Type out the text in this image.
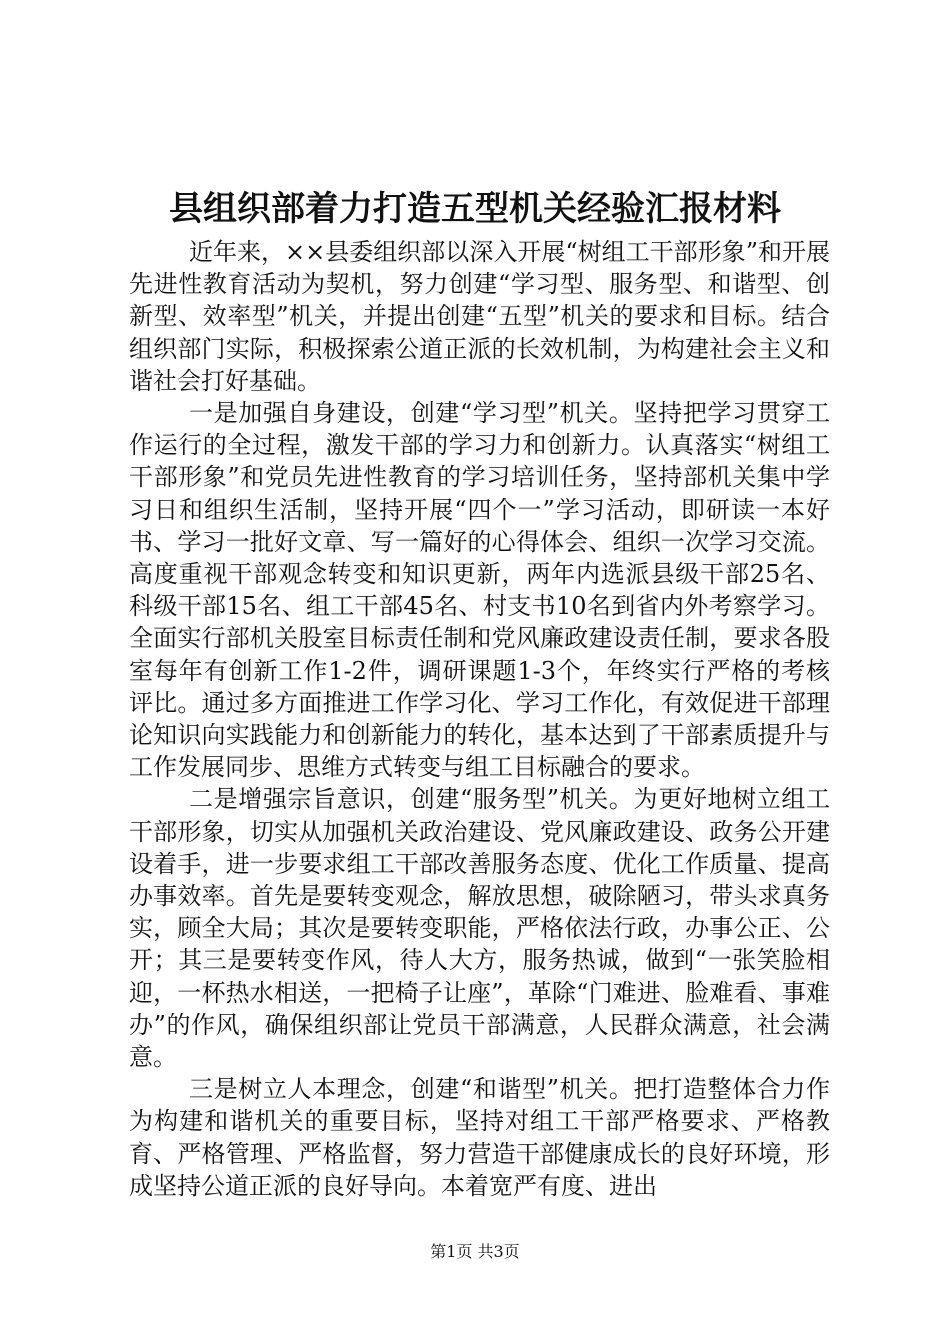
县组织部着力打造五型机关经验汇报材料

近年来，××县委组织部以深入开展“树组工干部形象”和开展先进性教育活动为契机，努力创建“学习型、服务型、和谐型、创新型、效率型”机关，并提出创建“五型”机关的要求和目标。结合组织部门实际，积极探索公道正派的长效机制，为构建社会主义和谐社会打好基础。

一是加强自身建设，创建“学习型”机关。坚持把学习贯穿工作运行的全过程，激发干部的学习力和创新力。认真落实“树组工干部形象”和党员先进性教育的学习培训任务，坚持部机关集中学习日和组织生活制，坚持开展“四个一”学习活动，即研读一本好书、学习一批好文章、写一篇好的心得体会、组织一次学习交流。高度重视干部观念转变和知识更新，两年内选派县级干部25名、科级干部15名、组工干部45名、村支书10名到省内外考察学习。全面实行部机关股室目标责任制和党风廉政建设责任制，要求各股室每年有创新工作1-2件，调研课题1-3个，年终实行严格的考核评比。通过多方面推进工作学习化、学习工作化，有效促进干部理论知识向实践能力和创新能力的转化，基本达到了干部素质提升与工作发展同步、思维方式转变与组工目标融合的要求。

二是增强宗旨意识，创建“服务型”机关。为更好地树立组工干部形象，切实从加强机关政治建设、党风廉政建设、政务公开建设着手，进一步要求组工干部改善服务态度、优化工作质量、提高办事效率。首先是要转变观念，解放思想，破除陋习，带头求真务实，顾全大局；其次是要转变职能，严格依法行政，办事公正、公开；其三是要转变作风，待人大方，服务热诚，做到“一张笑脸相迎，一杯热水相送，一把椅子让座”，革除“门难进、脸难看、事难办”的作风，确保组织部让党员干部满意，人民群众满意，社会满意。

三是树立人本理念，创建“和谐型”机关。把打造整体合力作为构建和谐机关的重要目标，坚持对组工干部严格要求、严格教育、严格管理、严格监督，努力营造干部健康成长的良好环境，形成坚持公道正派的良好导向。本着宽严有度、进出

第1页 共3页
